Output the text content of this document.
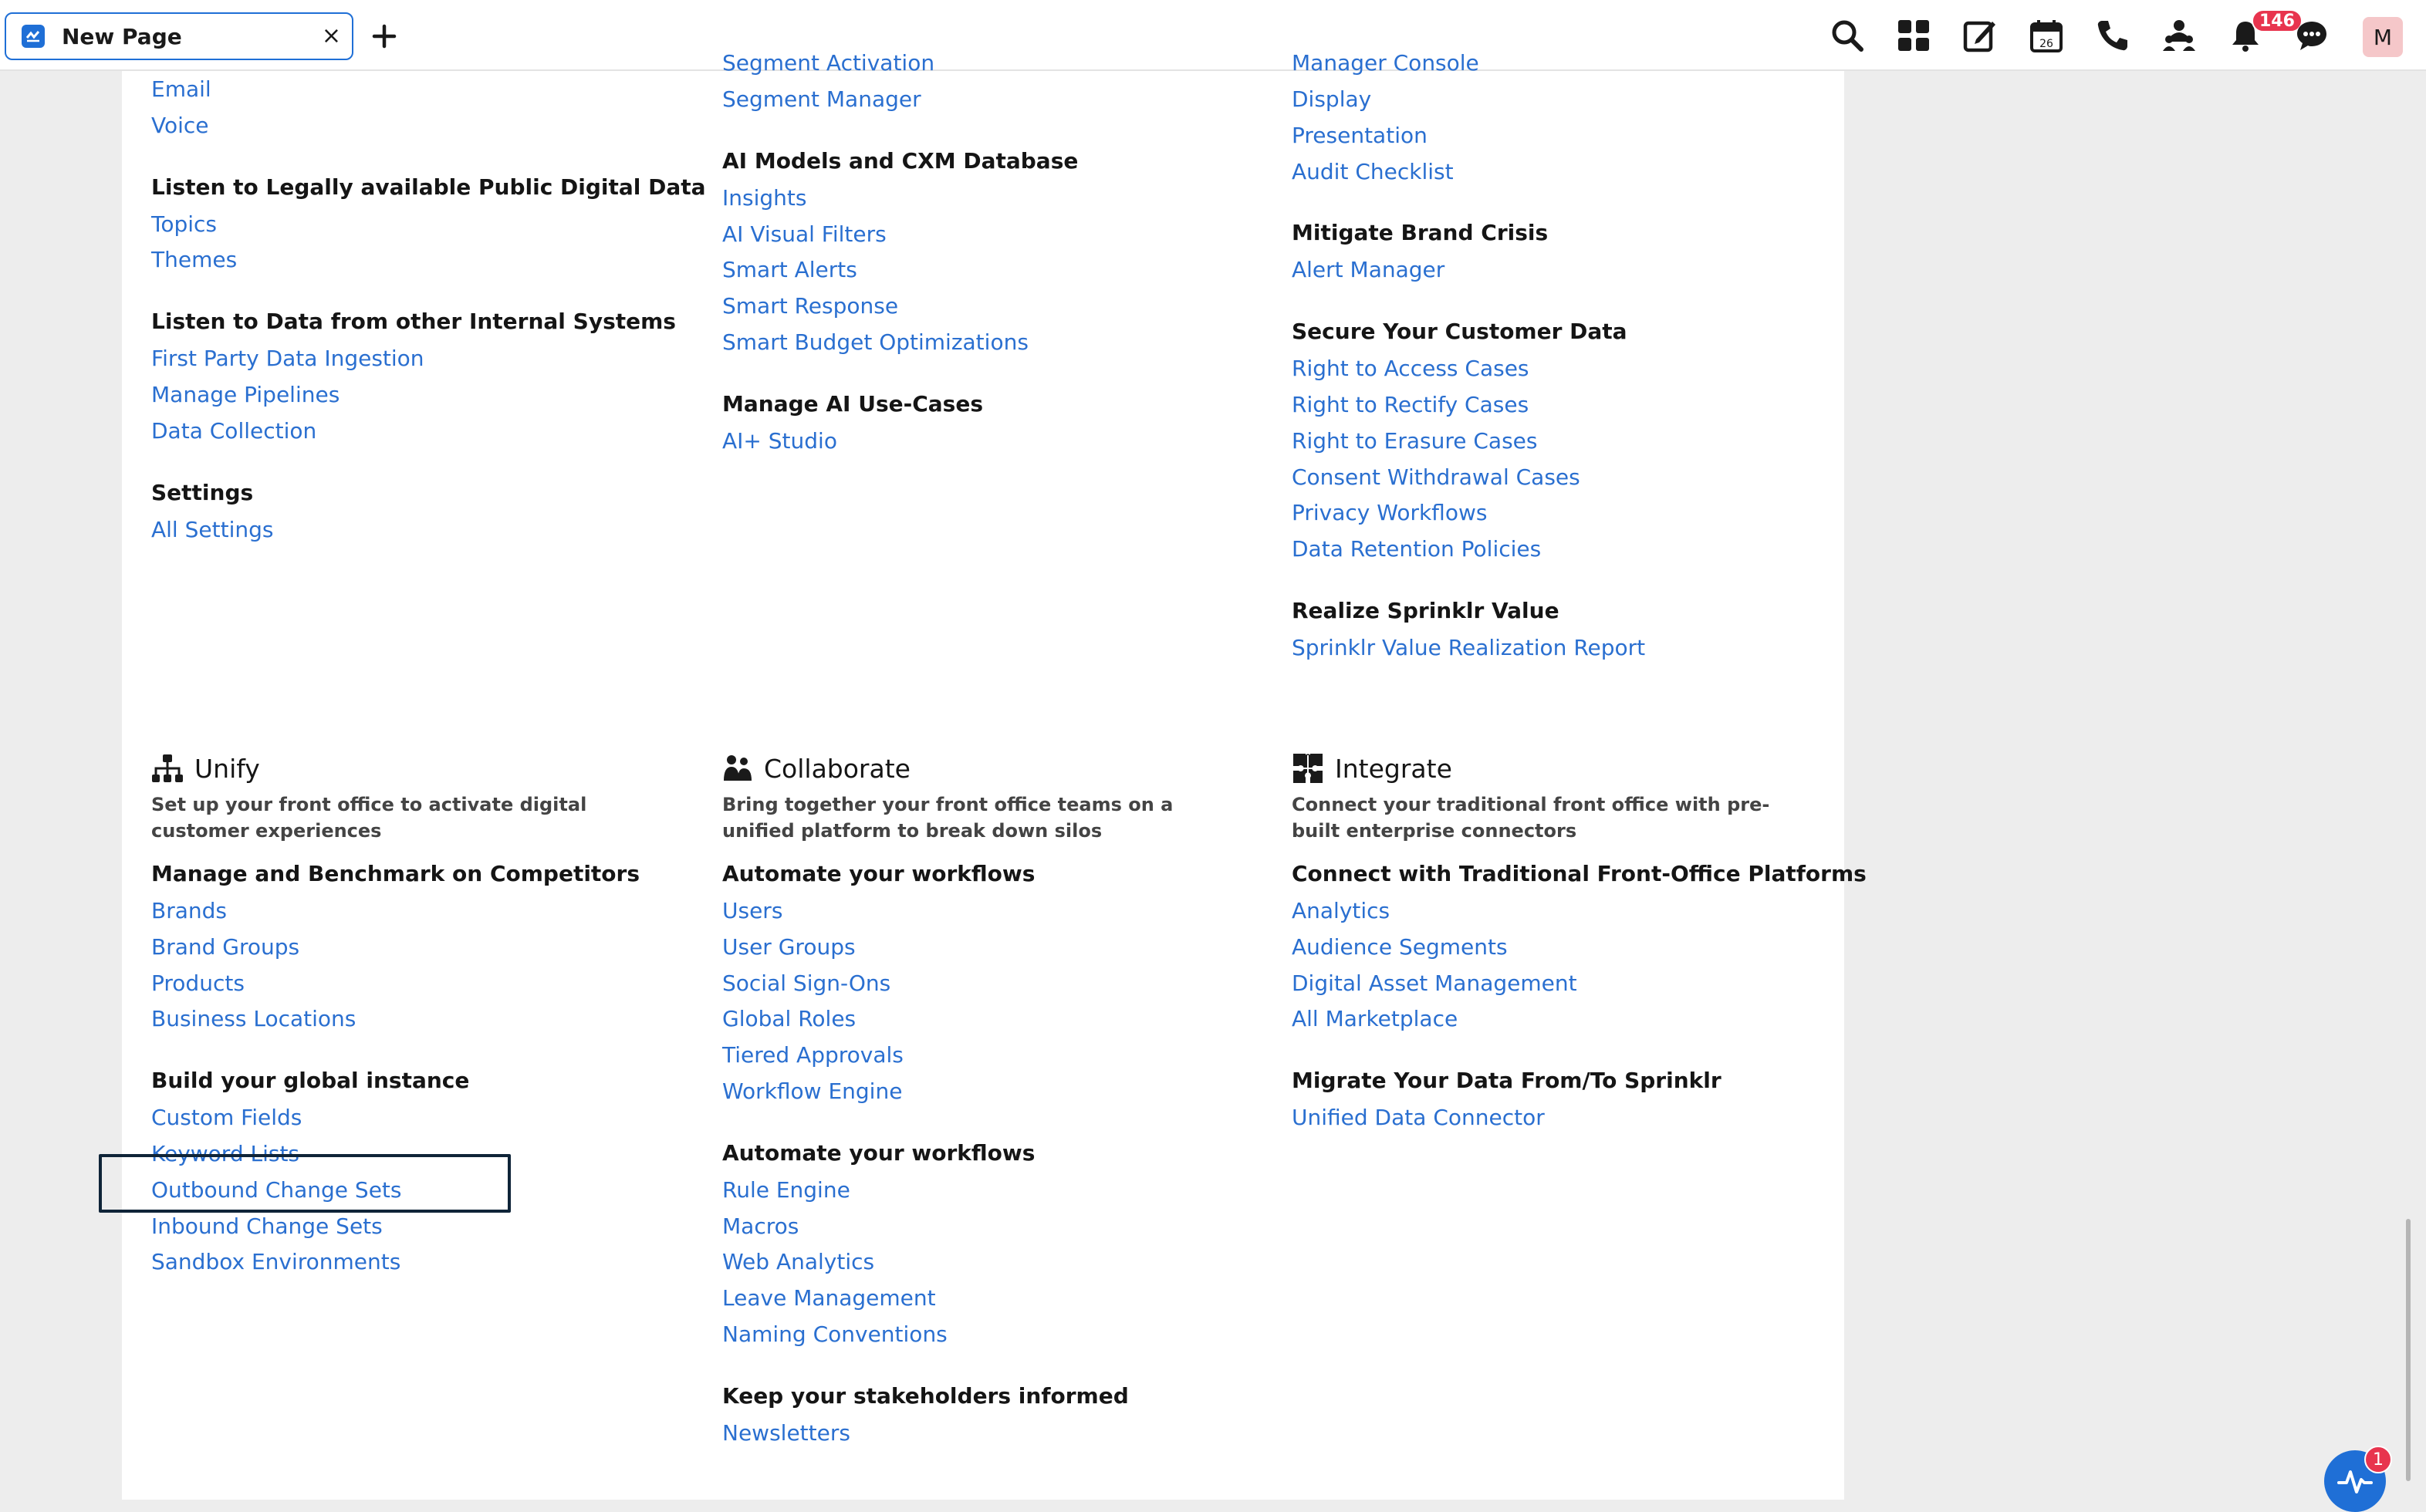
New Page	×	26
146
M
Segment Activation	Manager Console
Email
Voice
Listen to Legally available Public Digital Data
Topics
Themes
Listen to Data from other Internal Systems
First Party Data Ingestion
Manage Pipelines
Data Collection
Settings
All Settings
Segment Manager
AI Models and CXM Database
Insights
AI Visual Filters
Smart Alerts
Smart Response
Smart Budget Optimizations
Manage AI Use-Cases
AI+ Studio
Display
Presentation
Audit Checklist
Mitigate Brand Crisis
Alert Manager
Secure Your Customer Data
Right to Access Cases
Right to Rectify Cases
Right to Erasure Cases
Consent Withdrawal Cases
Privacy Workflows
Data Retention Policies
Realize Sprinklr Value
Sprinklr Value Realization Report
Unify
Set up your front office to activate digital customer experiences
Manage and Benchmark on Competitors
Brands
Brand Groups
Products
Business Locations
Build your global instance
Custom Fields
Keyword Lists
Outbound Change Sets
Inbound Change Sets
Sandbox Environments
Collaborate
Bring together your front office teams on a unified platform to break down silos
Automate your workflows
Users
User Groups
Social Sign-Ons
Global Roles
Tiered Approvals
Workflow Engine
Automate your workflows
Rule Engine
Macros
Web Analytics
Leave Management
Naming Conventions
Keep your stakeholders informed
Newsletters
Integrate
Connect your traditional front office with pre-built enterprise connectors
Connect with Traditional Front-Office Platforms
Analytics
Audience Segments
Digital Asset Management
All Marketplace
Migrate Your Data From/To Sprinklr
Unified Data Connector
1
